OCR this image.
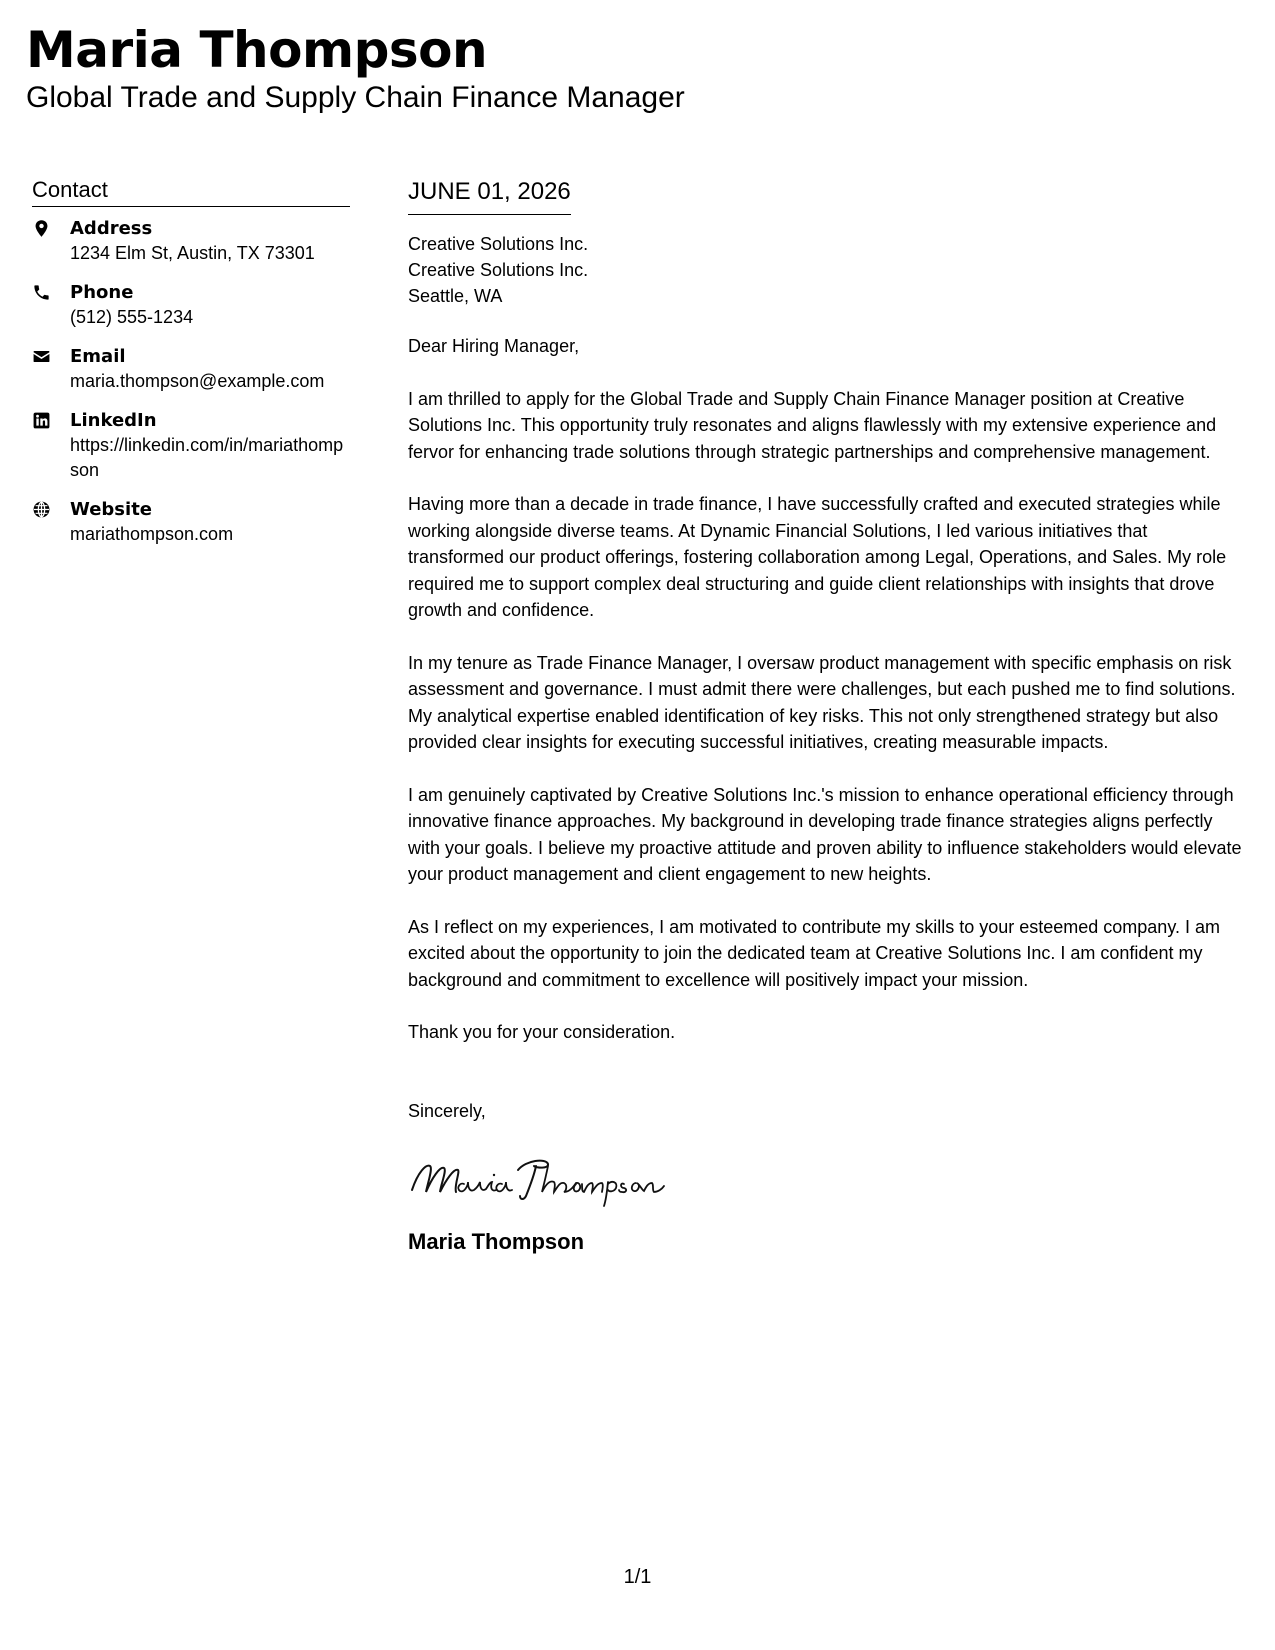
Maria Thompson
Global Trade and Supply Chain Finance Manager
Contact
Address
1234 Elm St, Austin, TX 73301
Phone
(512) 555-1234
Email
maria.thompson@example.com
LinkedIn
https://linkedin.com/in/mariathompson
Website
mariathompson.com
JUNE 01, 2026
Creative Solutions Inc.
Creative Solutions Inc.
Seattle, WA

Dear Hiring Manager,

I am thrilled to apply for the Global Trade and Supply Chain Finance Manager position at Creative Solutions Inc. This opportunity truly resonates and aligns flawlessly with my extensive experience and fervor for enhancing trade solutions through strategic partnerships and comprehensive management.

Having more than a decade in trade finance, I have successfully crafted and executed strategies while working alongside diverse teams. At Dynamic Financial Solutions, I led various initiatives that transformed our product offerings, fostering collaboration among Legal, Operations, and Sales. My role required me to support complex deal structuring and guide client relationships with insights that drove growth and confidence.

In my tenure as Trade Finance Manager, I oversaw product management with specific emphasis on risk assessment and governance. I must admit there were challenges, but each pushed me to find solutions. My analytical expertise enabled identification of key risks. This not only strengthened strategy but also provided clear insights for executing successful initiatives, creating measurable impacts.

I am genuinely captivated by Creative Solutions Inc.'s mission to enhance operational efficiency through innovative finance approaches. My background in developing trade finance strategies aligns perfectly with your goals. I believe my proactive attitude and proven ability to influence stakeholders would elevate your product management and client engagement to new heights.

As I reflect on my experiences, I am motivated to contribute my skills to your esteemed company. I am excited about the opportunity to join the dedicated team at Creative Solutions Inc. I am confident my background and commitment to excellence will positively impact your mission.

Thank you for your consideration.

Sincerely,
Maria Thompson
1/1
